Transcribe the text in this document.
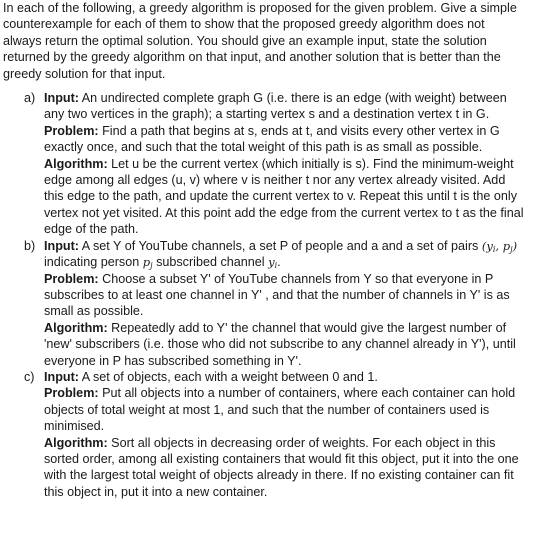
In each of the following, a greedy algorithm is proposed for the given problem. Give a simple counterexample for each of them to show that the proposed greedy algorithm does not always return the optimal solution. You should give an example input, state the solution returned by the greedy algorithm on that input, and another solution that is better than the greedy solution for that input.

a) Input: An undirected complete graph G (i.e. there is an edge (with weight) between any two vertices in the graph); a starting vertex s and a destination vertex t in G.
Problem: Find a path that begins at s, ends at t, and visits every other vertex in G exactly once, and such that the total weight of this path is as small as possible.
Algorithm: Let u be the current vertex (which initially is s). Find the minimum-weight edge among all edges (u, v) where v is neither t nor any vertex already visited. Add this edge to the path, and update the current vertex to v. Repeat this until t is the only vertex not yet visited. At this point add the edge from the current vertex to t as the final edge of the path.
b) Input: A set Y of YouTube channels, a set P of people and a and a set of pairs ($y_i$, $p_j$) indicating person $p_j$ subscribed channel $y_i$.
Problem: Choose a subset Y' of YouTube channels from Y so that everyone in P subscribes to at least one channel in Y' , and that the number of channels in Y' is as small as possible.
Algorithm: Repeatedly add to Y' the channel that would give the largest number of 'new' subscribers (i.e. those who did not subscribe to any channel already in Y'), until everyone in P has subscribed something in Y'.
c) Input: A set of objects, each with a weight between 0 and 1.
Problem: Put all objects into a number of containers, where each container can hold objects of total weight at most 1, and such that the number of containers used is minimised.
Algorithm: Sort all objects in decreasing order of weights. For each object in this sorted order, among all existing containers that would fit this object, put it into the one with the largest total weight of objects already in there. If no existing container can fit this object in, put it into a new container.
